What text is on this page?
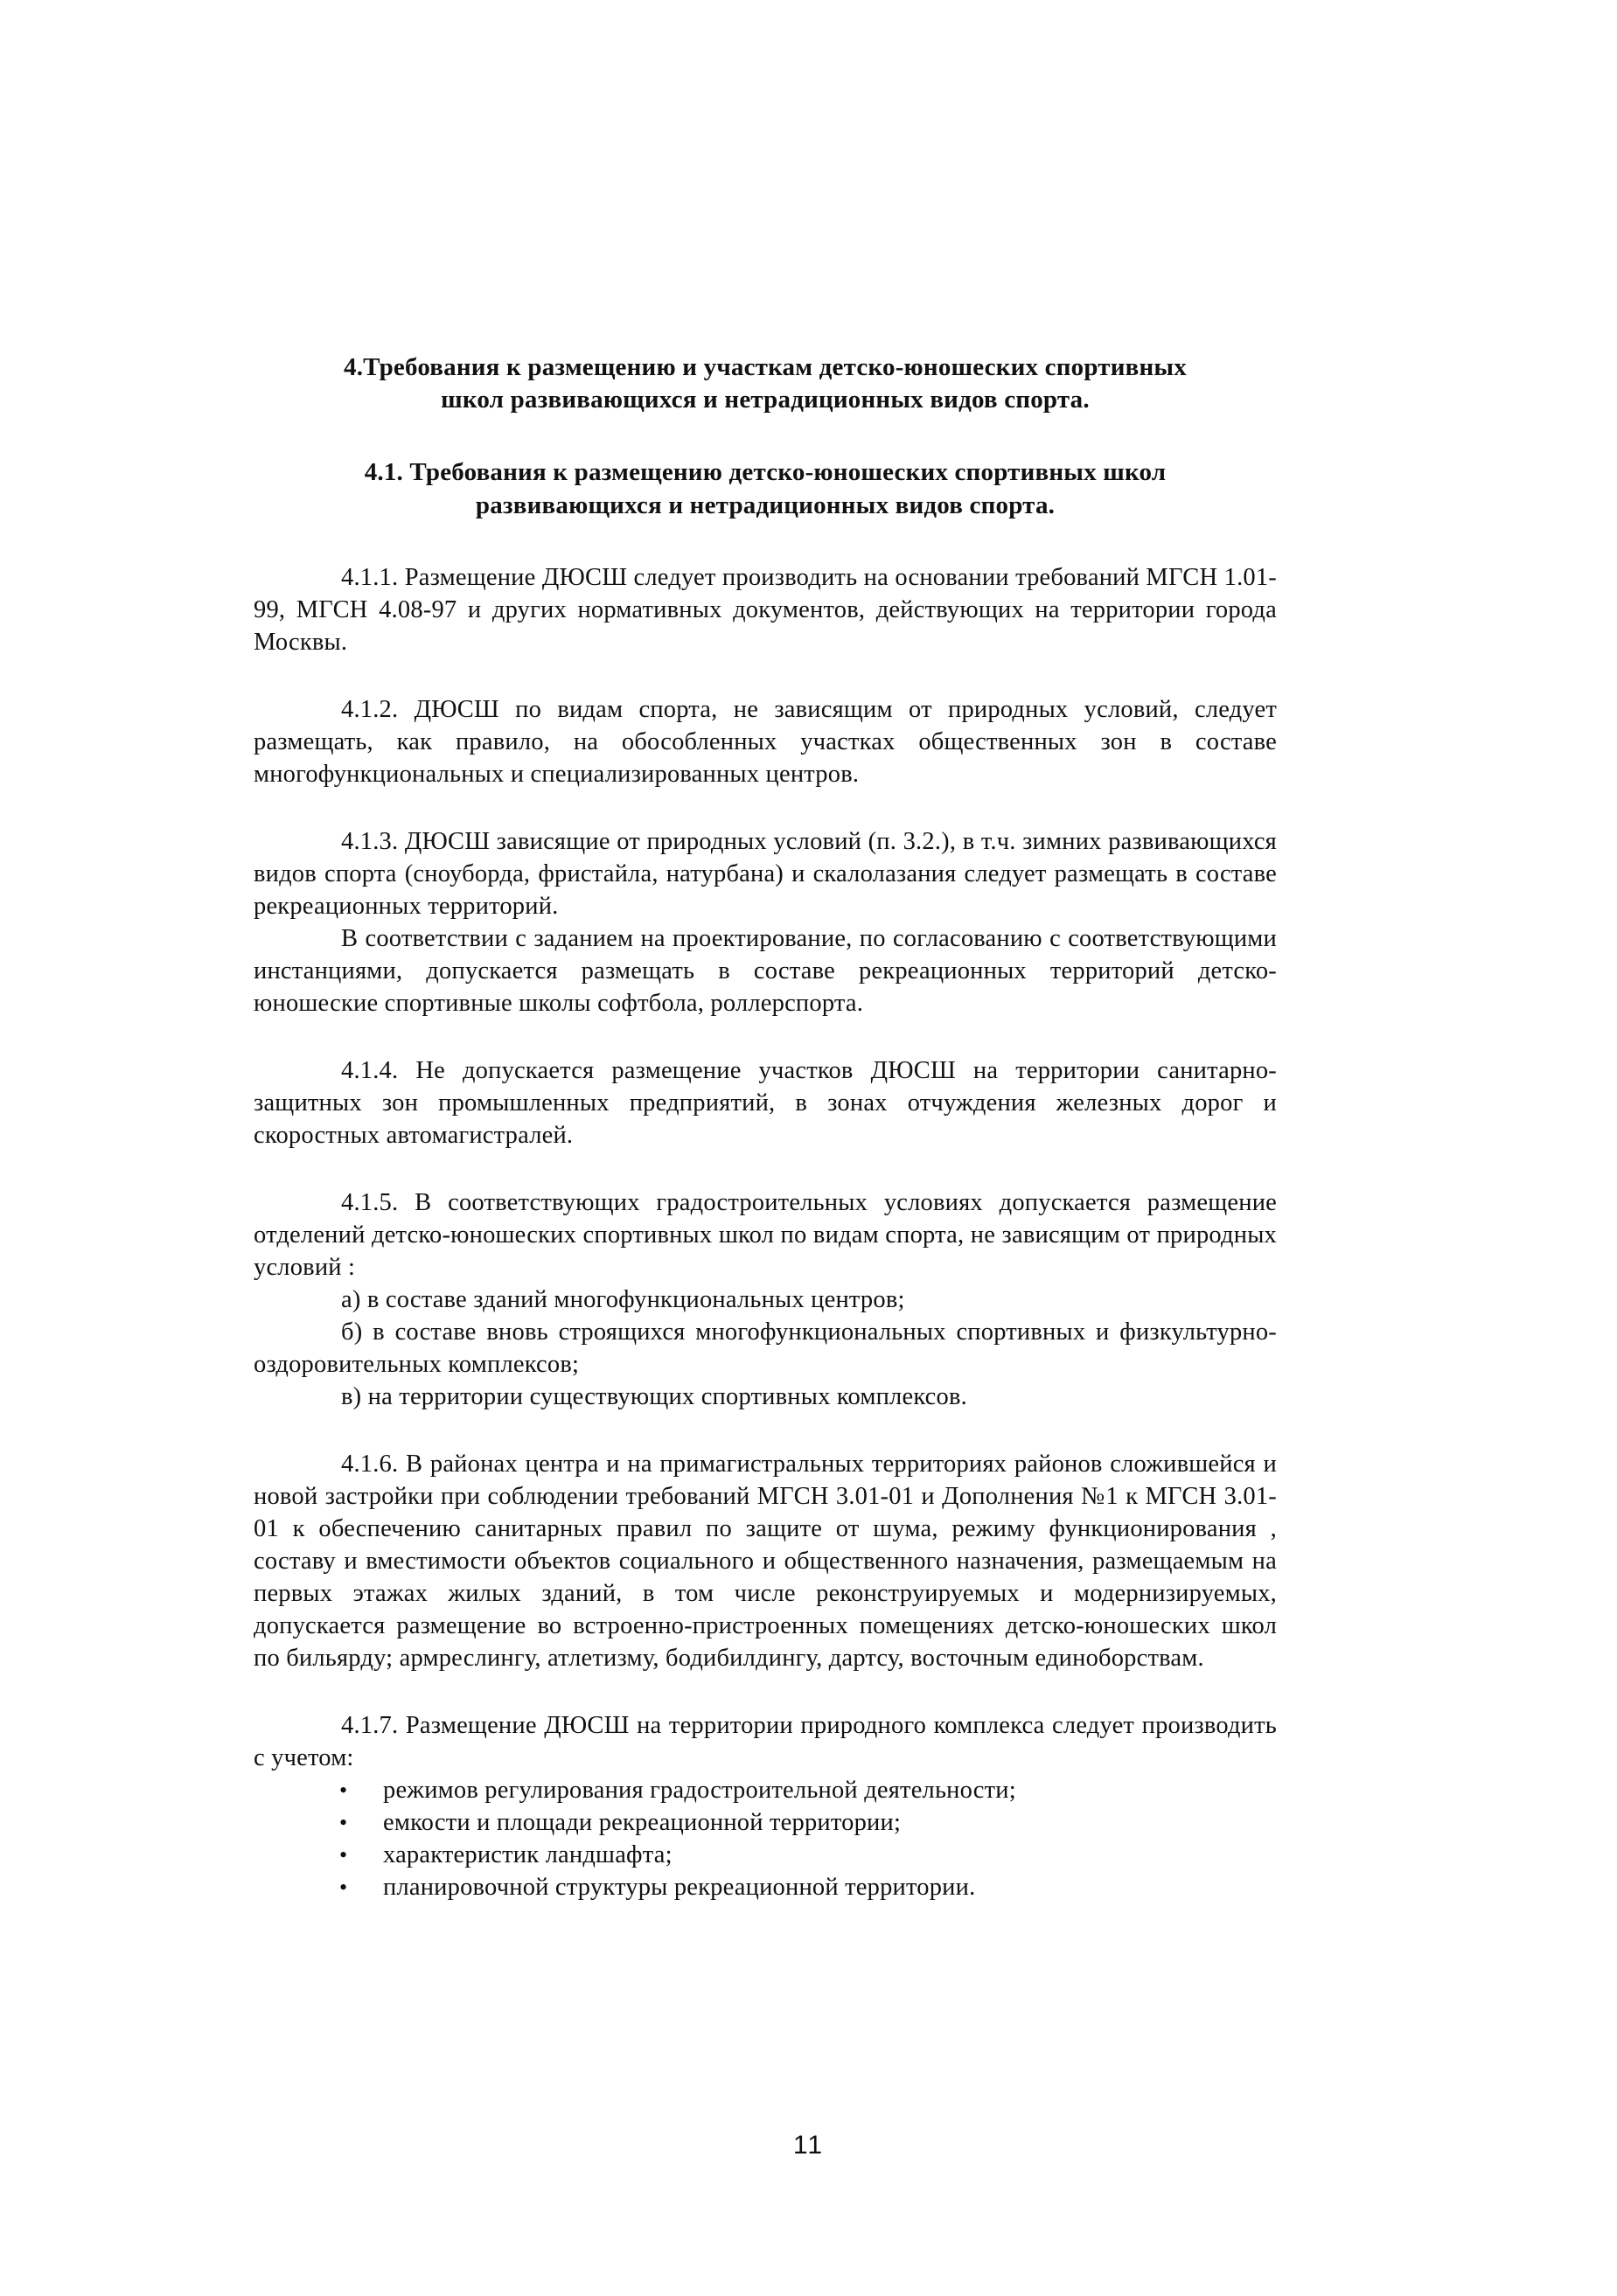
4.Требования к размещению и участкам детско-юношеских спортивных
школ развивающихся и нетрадиционных видов спорта.
4.1. Требования к размещению детско-юношеских спортивных школ
развивающихся и нетрадиционных видов спорта.

4.1.1. Размещение ДЮСШ следует производить на основании требований МГСН 1.01-99, МГСН 4.08-97 и других нормативных документов, действующих на территории города Москвы.

4.1.2. ДЮСШ по видам спорта, не зависящим от природных условий, следует размещать, как правило, на обособленных участках общественных зон в составе многофункциональных и специализированных центров.

4.1.3. ДЮСШ зависящие от природных условий (п. 3.2.), в т.ч. зимних развивающихся видов спорта (сноуборда, фристайла, натурбана) и скалолазания следует размещать в составе рекреационных территорий.

В соответствии с заданием на проектирование, по согласованию с соответствующими инстанциями, допускается размещать в составе рекреационных территорий детско-юношеские спортивные школы софтбола, роллерспорта.

4.1.4. Не допускается размещение участков ДЮСШ на территории санитарно-защитных зон промышленных предприятий, в зонах отчуждения железных дорог и скоростных автомагистралей.

4.1.5. В соответствующих градостроительных условиях допускается размещение отделений детско-юношеских спортивных школ по видам спорта, не зависящим от природных условий :

а) в составе зданий многофункциональных центров;

б) в составе вновь строящихся многофункциональных спортивных и физкультурно-оздоровительных комплексов;

в) на территории существующих спортивных комплексов.

4.1.6. В районах центра и на примагистральных территориях районов сложившейся и новой застройки при соблюдении требований МГСН 3.01-01 и Дополнения №1 к МГСН 3.01-01 к обеспечению санитарных правил по защите от шума, режиму функционирования , составу и вместимости объектов социального и общественного назначения, размещаемым на первых этажах жилых зданий, в том числе реконструируемых и модернизируемых, допускается размещение во встроенно-пристроенных помещениях детско-юношеских школ по бильярду; армреслингу, атлетизму, бодибилдингу, дартсу, восточным единоборствам.

4.1.7. Размещение ДЮСШ на территории природного комплекса следует производить с учетом:

• режимов регулирования градостроительной деятельности;
• емкости и площади рекреационной территории;
• характеристик ландшафта;
• планировочной структуры рекреационной территории.
11
